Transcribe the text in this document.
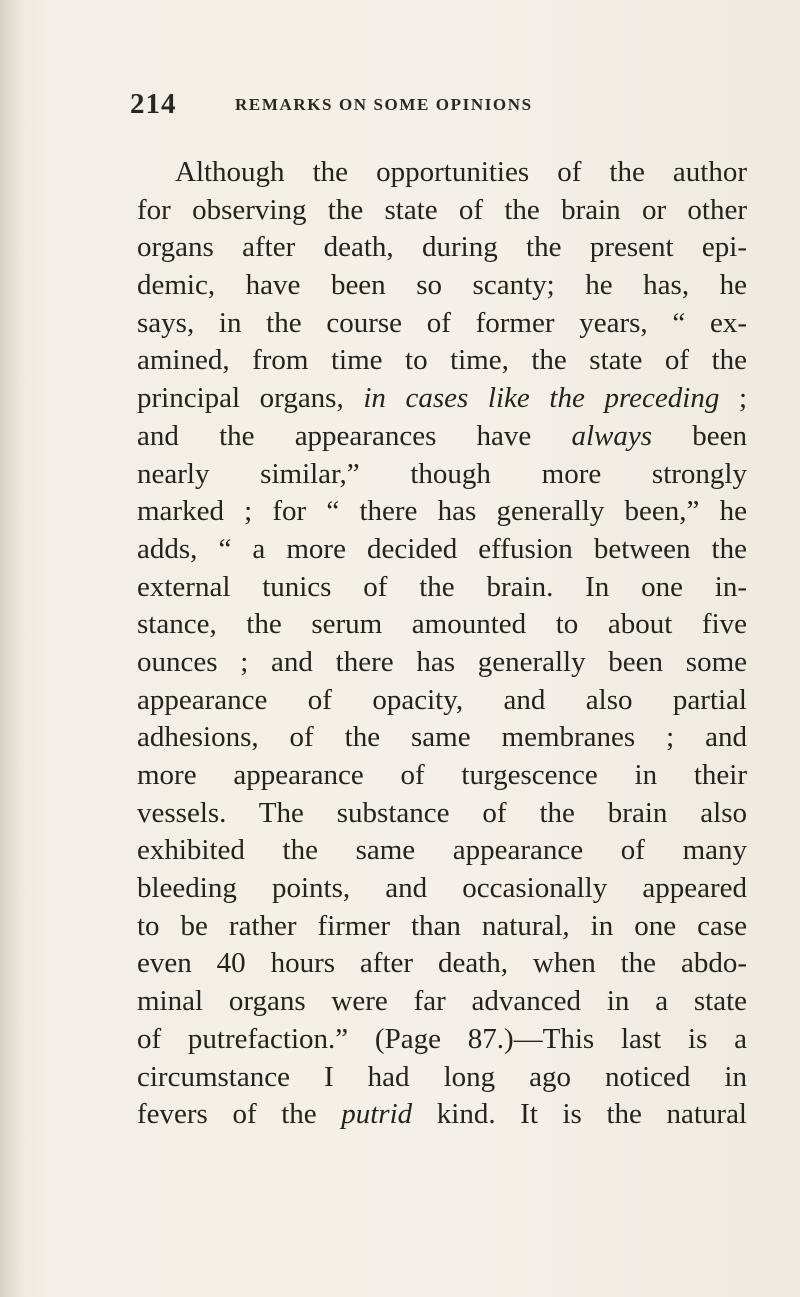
214	REMARKS ON SOME OPINIONS
Although the opportunities of the author
for observing the state of the brain or other
organs after death, during the present epi-
demic, have been so scanty; he has, he
says, in the course of former years, “ ex-
amined, from time to time, the state of the
principal organs, in cases like the preceding ;
and the appearances have always been
nearly similar,” though more strongly
marked ; for “ there has generally been,” he
adds, “ a more decided effusion between the
external tunics of the brain. In one in-
stance, the serum amounted to about five
ounces ; and there has generally been some
appearance of opacity, and also partial
adhesions, of the same membranes ; and
more appearance of turgescence in their
vessels. The substance of the brain also
exhibited the same appearance of many
bleeding points, and occasionally appeared
to be rather firmer than natural, in one case
even 40 hours after death, when the abdo-
minal organs were far advanced in a state
of putrefaction.” (Page 87.)—This last is a
circumstance I had long ago noticed in
fevers of the putrid kind. It is the natural
